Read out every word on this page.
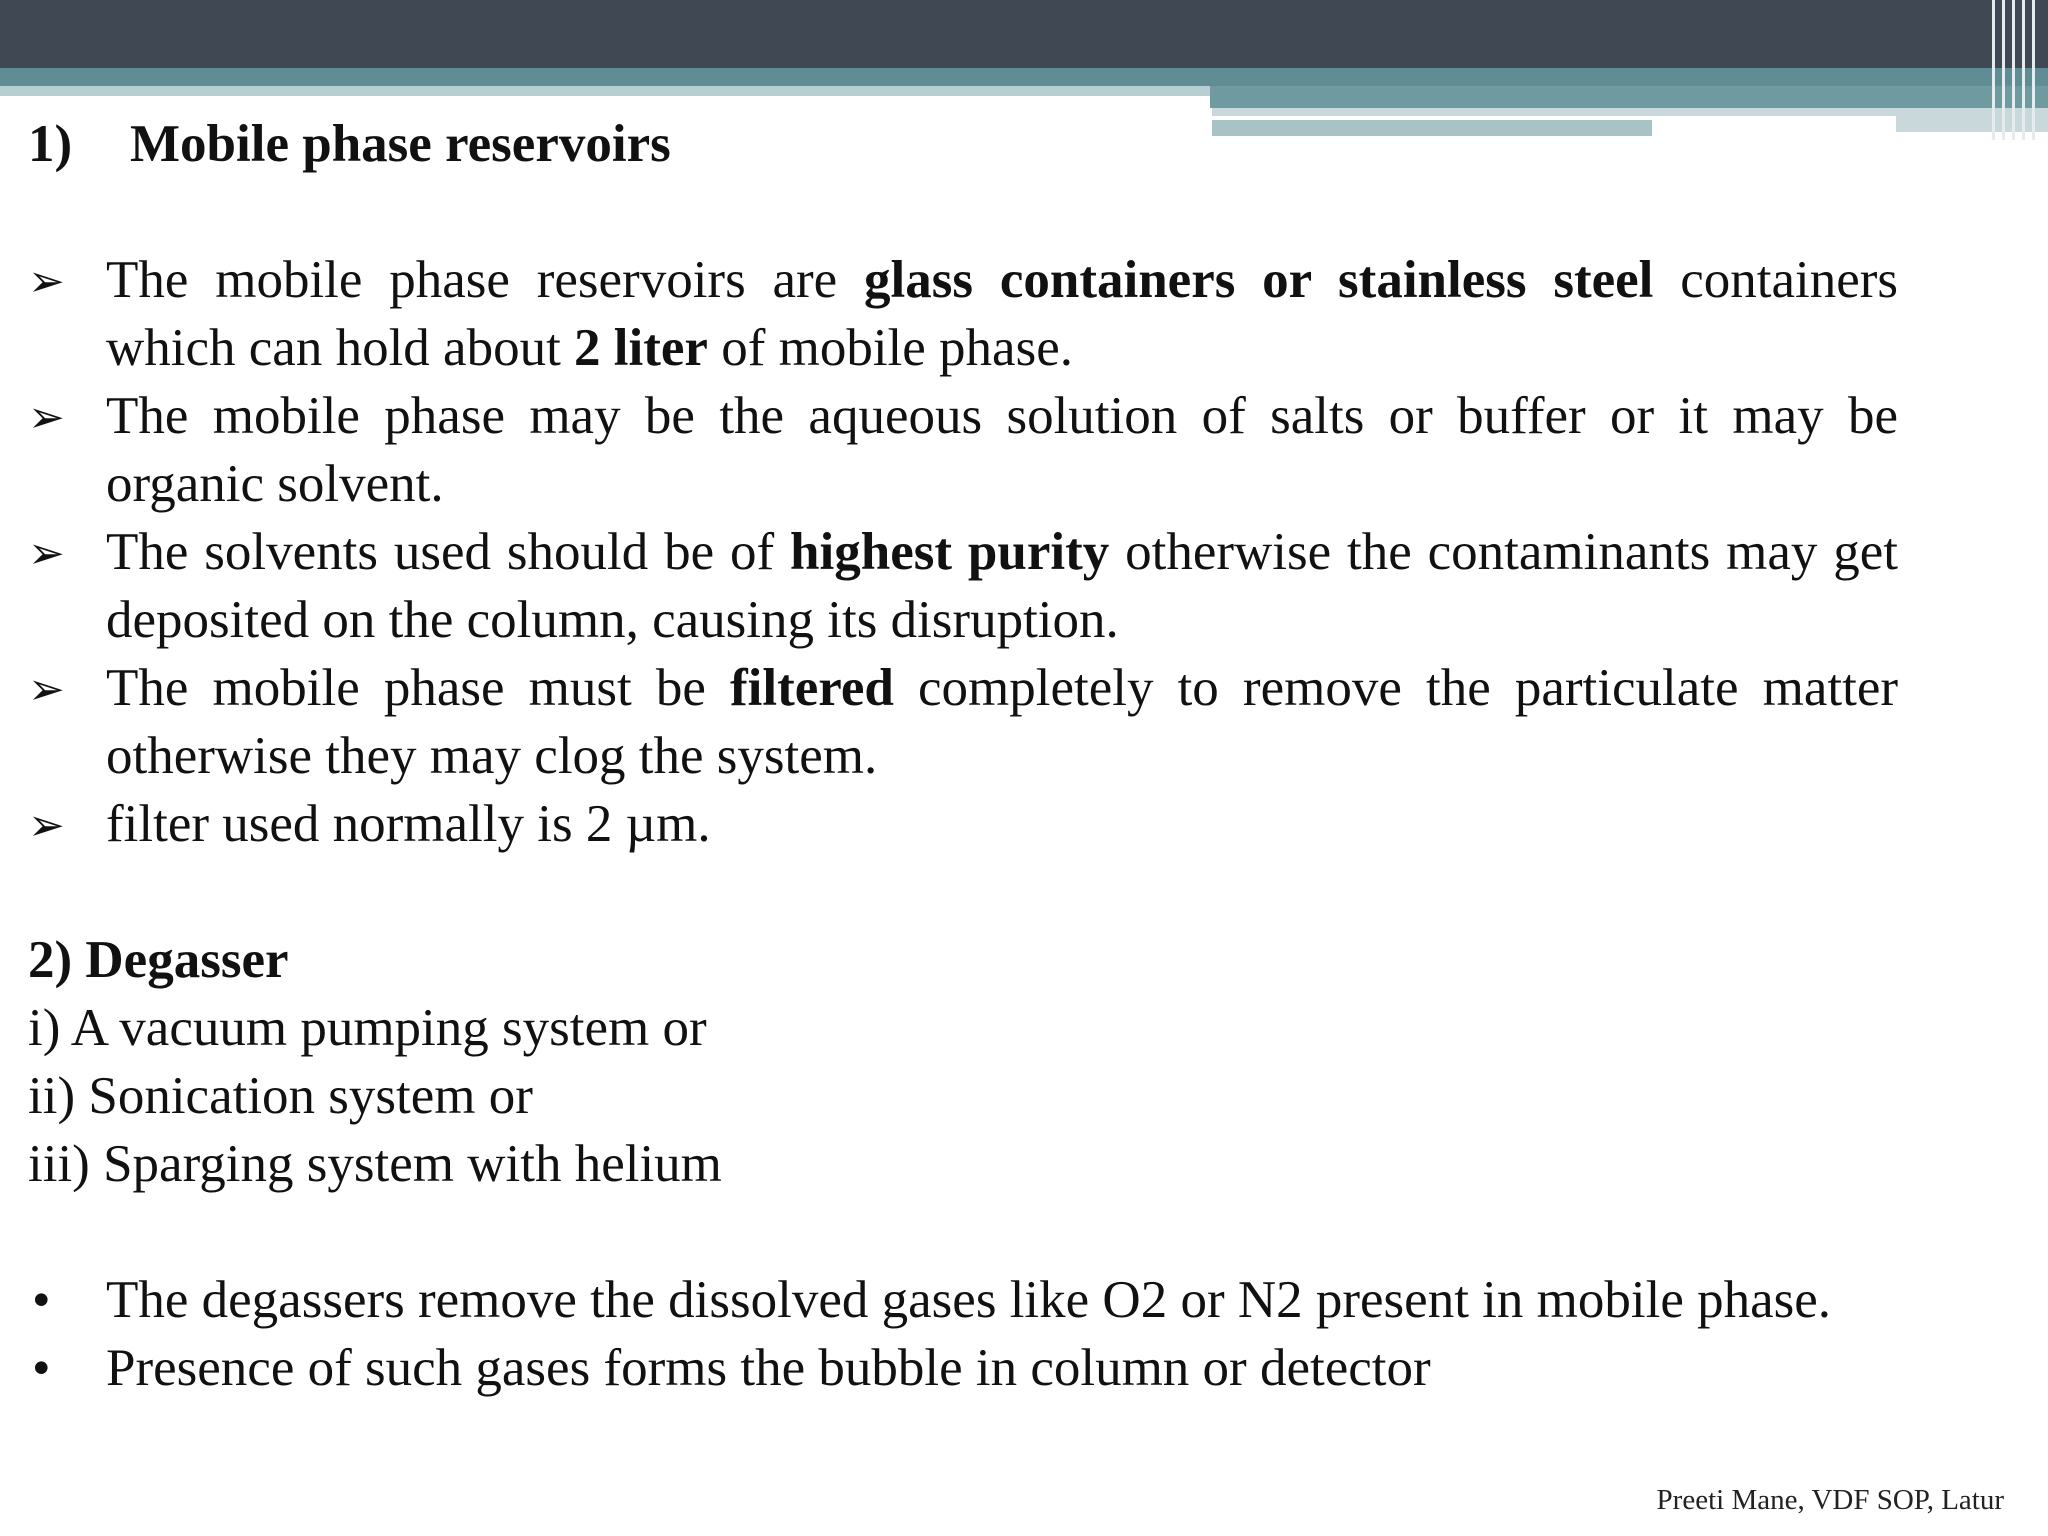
1) Mobile phase reservoirs

➢ The mobile phase reservoirs are glass containers or stainless steel containers which can hold about 2 liter of mobile phase.

➢ The mobile phase may be the aqueous solution of salts or buffer or it may be organic solvent.

➢ The solvents used should be of highest purity otherwise the contaminants may get deposited on the column, causing its disruption.

➢ The mobile phase must be filtered completely to remove the particulate matter otherwise they may clog the system.

➢ filter used normally is 2 µm.

2) Degasser

i) A vacuum pumping system or

ii) Sonication system or

iii) Sparging system with helium

•	The degassers remove the dissolved gases like O2 or N2 present in mobile phase.

•	Presence of such gases forms the bubble in column or detector

Preeti Mane, VDF SOP, Latur
